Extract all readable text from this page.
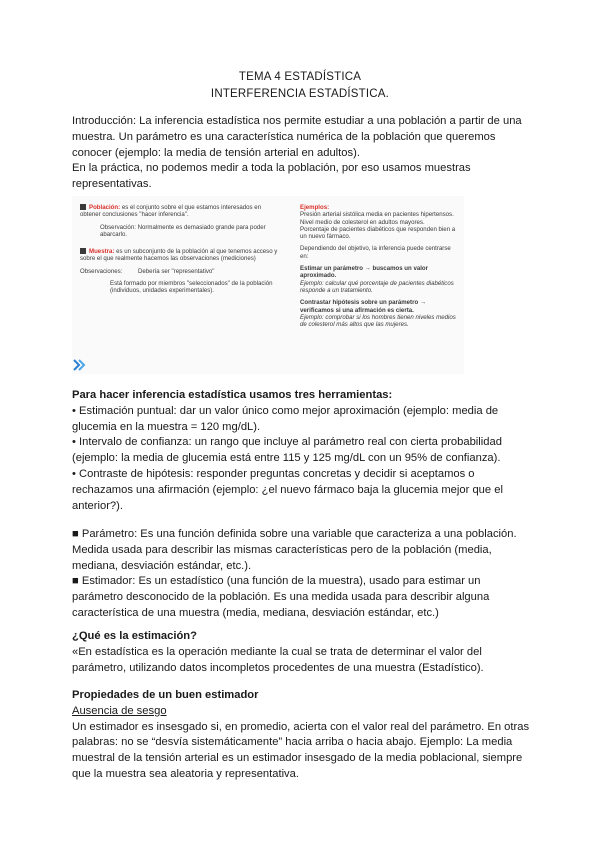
TEMA 4 ESTADÍSTICA
INTERFERENCIA ESTADÍSTICA.

Introducción: La inferencia estadística nos permite estudiar a una población a partir de una muestra. Un parámetro es una característica numérica de la población que queremos conocer (ejemplo: la media de tensión arterial en adultos).

En la práctica, no podemos medir a toda la población, por eso usamos muestras representativas.

Población: es el conjunto sobre el que estamos interesados en obtener conclusiones "hacer inferencia".
Observación: Normalmente es demasiado grande para poder abarcarlo.
Muestra: es un subconjunto de la población al que tenemos acceso y sobre el que realmente hacemos las observaciones (mediciones)
Observaciones:	Debería ser "representativo"
Está formado por miembros "seleccionados" de la población (individuos, unidades experimentales).
Ejemplos:
Presión arterial sistólica media en pacientes hipertensos.
Nivel medio de colesterol en adultos mayores.
Porcentaje de pacientes diabéticos que responden bien a un nuevo fármaco.
Dependiendo del objetivo, la inferencia puede centrarse en:
Estimar un parámetro → buscamos un valor aproximado.
Ejemplo: calcular qué porcentaje de pacientes diabéticos responde a un tratamiento.
Contrastar hipótesis sobre un parámetro → verificamos si una afirmación es cierta.
Ejemplo: comprobar si los hombres tienen niveles medios de colesterol más altos que las mujeres.

Para hacer inferencia estadística usamos tres herramientas:

• Estimación puntual: dar un valor único como mejor aproximación (ejemplo: media de glucemia en la muestra = 120 mg/dL).

• Intervalo de confianza: un rango que incluye al parámetro real con cierta probabilidad (ejemplo: la media de glucemia está entre 115 y 125 mg/dL con un 95% de confianza).

• Contraste de hipótesis: responder preguntas concretas y decidir si aceptamos o rechazamos una afirmación (ejemplo: ¿el nuevo fármaco baja la glucemia mejor que el anterior?).

■ Parámetro: Es una función definida sobre una variable que caracteriza a una población. Medida usada para describir las mismas características pero de la población (media, mediana, desviación estándar, etc.).

■ Estimador: Es un estadístico (una función de la muestra), usado para estimar un parámetro desconocido de la población. Es una medida usada para describir alguna característica de una muestra (media, mediana, desviación estándar, etc.)

¿Qué es la estimación?

«En estadística es la operación mediante la cual se trata de determinar el valor del parámetro, utilizando datos incompletos procedentes de una muestra (Estadístico).

Propiedades de un buen estimador

Ausencia de sesgo

Un estimador es insesgado si, en promedio, acierta con el valor real del parámetro. En otras palabras: no se “desvía sistemáticamente” hacia arriba o hacia abajo. Ejemplo: La media muestral de la tensión arterial es un estimador insesgado de la media poblacional, siempre que la muestra sea aleatoria y representativa.
